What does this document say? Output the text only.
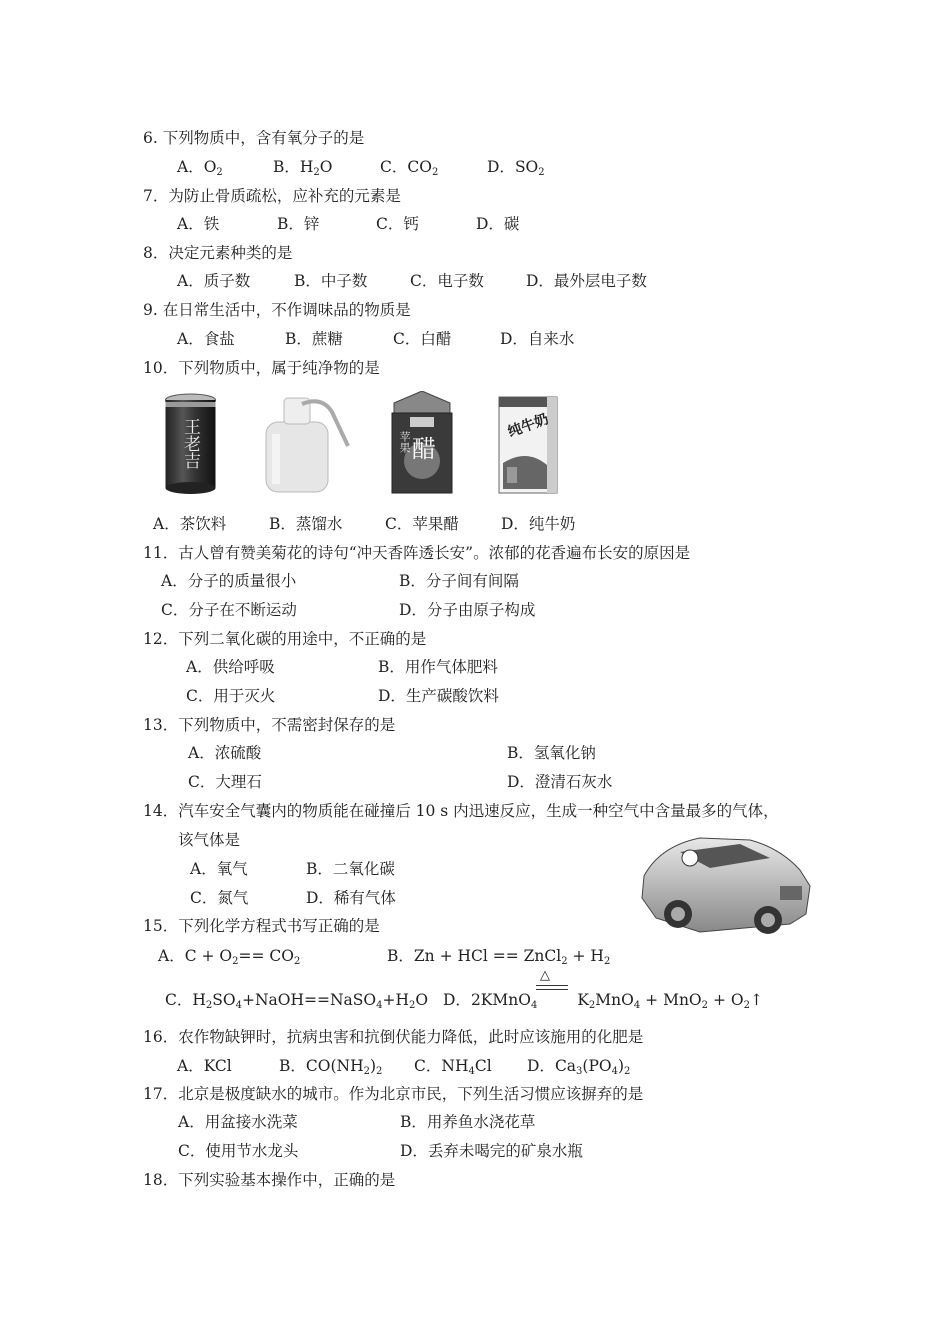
6. 下列物质中，含有氧分子的是
A．$O_2$	B．$H_2O$	C．$CO_2$	D．$SO_2$
7．为防止骨质疏松，应补充的元素是
A．铁	B．锌	C．钙	D．碳
8．决定元素种类的是
A．质子数	B．中子数	C．电子数	D．最外层电子数
9. 在日常生活中，不作调味品的物质是
A．食盐	B．蔗糖	C．白醋	D．自来水
10．下列物质中，属于纯净物的是
王老吉	苹果 醋
纯牛奶
A．茶饮料	B．蒸馏水	C．苹果醋	D．纯牛奶
11．古人曾有赞美菊花的诗句“冲天香阵透长安”。浓郁的花香遍布长安的原因是
A．分子的质量很小	B．分子间有间隔
C．分子在不断运动	D．分子由原子构成
12．下列二氧化碳的用途中，不正确的是
A．供给呼吸	B．用作气体肥料
C．用于灭火	D．生产碳酸饮料
13．下列物质中，不需密封保存的是
A．浓硫酸	B．氢氧化钠
C．大理石	D．澄清石灰水
14．汽车安全气囊内的物质能在碰撞后 10 s 内迅速反应，生成一种空气中含量最多的气体，
该气体是
A．氧气	B．二氧化碳
C．氮气	D．稀有气体
15．下列化学方程式书写正确的是
A．$C + O_2== CO_2$	B．Zn + HCl == ZnCl$_2$ + $H_2$
C．$H_2SO_4+NaOH==NaSO_4+H_2O$ D．2KMnO$_4$	$K_2MnO_4 + MnO_2$ + $O_2↑$
△
16．农作物缺钾时，抗病虫害和抗倒伏能力降低，此时应该施用的化肥是
A．KCl	B．$CO(NH_2)_2$ C．$NH_4Cl$ D．$Ca_3(PO_4)_2$
17．北京是极度缺水的城市。作为北京市民，下列生活习惯应该摒弃的是
A．用盆接水洗菜	B．用养鱼水浇花草
C．使用节水龙头	D．丢弃未喝完的矿泉水瓶
18．下列实验基本操作中，正确的是
